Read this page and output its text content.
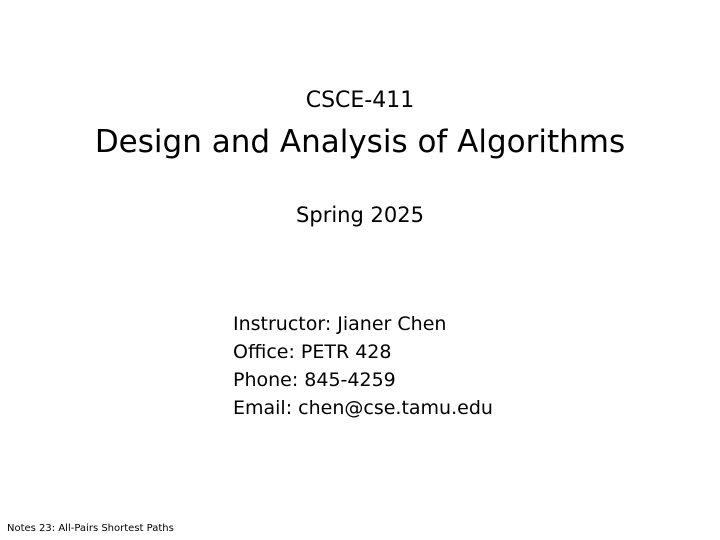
CSCE-411
Design and Analysis of Algorithms
Spring 2025
Instructor: Jianer Chen
Office: PETR 428
Phone: 845-4259
Email: chen@cse.tamu.edu
Notes 23: All-Pairs Shortest Paths
